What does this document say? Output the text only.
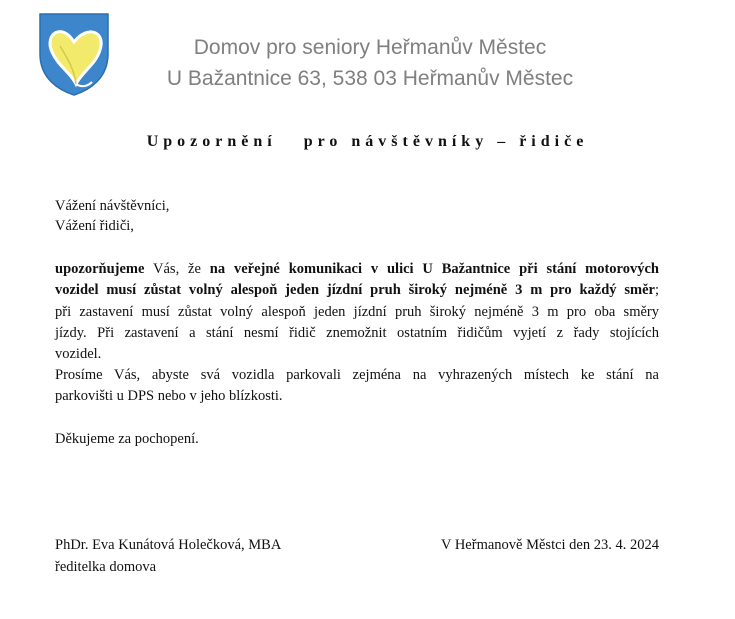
Domov pro seniory Heřmanův Městec
U Bažantnice 63, 538 03 Heřmanův Městec
Upozornění   pro návštěvníky – řidiče
Vážení návštěvníci,
Vážení řidiči,
upozorňujeme Vás, že na veřejné komunikaci v ulici U Bažantnice při stání motorových
vozidel musí zůstat volný alespoň jeden jízdní pruh široký nejméně 3 m pro každý směr;
při zastavení musí zůstat volný alespoň jeden jízdní pruh široký nejméně 3 m pro oba směry
jízdy. Při zastavení a stání nesmí řidič znemožnit ostatním řidičům vyjetí z řady stojících
vozidel.
Prosíme Vás, abyste svá vozidla parkovali zejména na vyhrazených místech ke stání na
parkovišti u DPS nebo v jeho blízkosti.
Děkujeme za pochopení.
PhDr. Eva Kunátová Holečková, MBA
ředitelka domova
V Heřmanově Městci den 23. 4. 2024
